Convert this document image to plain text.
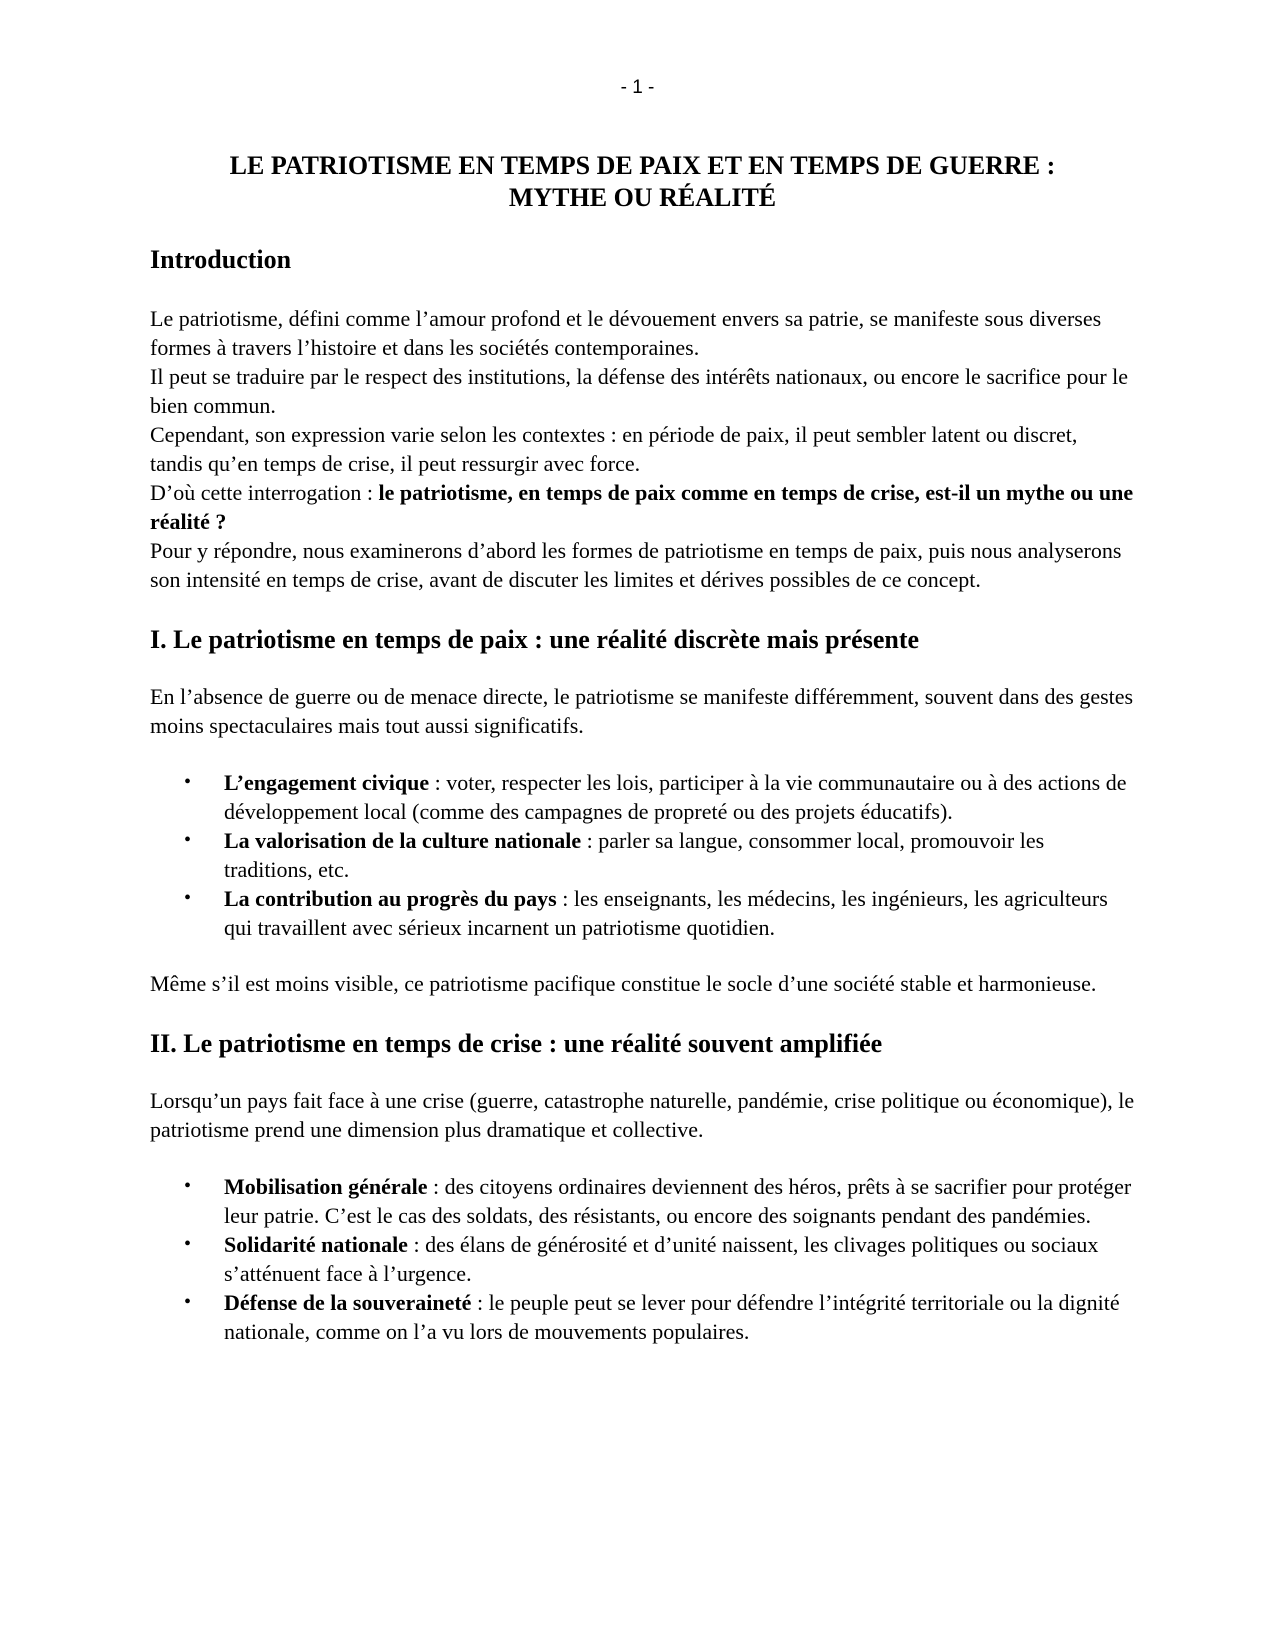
- 1 -
LE PATRIOTISME EN TEMPS DE PAIX ET EN TEMPS DE GUERRE :
MYTHE OU RÉALITÉ
Introduction

Le patriotisme, défini comme l’amour profond et le dévouement envers sa patrie, se manifeste sous diverses formes à travers l’histoire et dans les sociétés contemporaines.

Il peut se traduire par le respect des institutions, la défense des intérêts nationaux, ou encore le sacrifice pour le bien commun.

Cependant, son expression varie selon les contextes : en période de paix, il peut sembler latent ou discret, tandis qu’en temps de crise, il peut ressurgir avec force.

D’où cette interrogation : le patriotisme, en temps de paix comme en temps de crise, est-il un mythe ou une réalité ?

Pour y répondre, nous examinerons d’abord les formes de patriotisme en temps de paix, puis nous analyserons son intensité en temps de crise, avant de discuter les limites et dérives possibles de ce concept.

I. Le patriotisme en temps de paix : une réalité discrète mais présente

En l’absence de guerre ou de menace directe, le patriotisme se manifeste différemment, souvent dans des gestes moins spectaculaires mais tout aussi significatifs.

• L’engagement civique : voter, respecter les lois, participer à la vie communautaire ou à des actions de développement local (comme des campagnes de propreté ou des projets éducatifs).
• La valorisation de la culture nationale : parler sa langue, consommer local, promouvoir les traditions, etc.
• La contribution au progrès du pays : les enseignants, les médecins, les ingénieurs, les agriculteurs qui travaillent avec sérieux incarnent un patriotisme quotidien.

Même s’il est moins visible, ce patriotisme pacifique constitue le socle d’une société stable et harmonieuse.

II. Le patriotisme en temps de crise : une réalité souvent amplifiée

Lorsqu’un pays fait face à une crise (guerre, catastrophe naturelle, pandémie, crise politique ou économique), le patriotisme prend une dimension plus dramatique et collective.

• Mobilisation générale : des citoyens ordinaires deviennent des héros, prêts à se sacrifier pour protéger leur patrie. C’est le cas des soldats, des résistants, ou encore des soignants pendant des pandémies.
• Solidarité nationale : des élans de générosité et d’unité naissent, les clivages politiques ou sociaux s’atténuent face à l’urgence.
• Défense de la souveraineté : le peuple peut se lever pour défendre l’intégrité territoriale ou la dignité nationale, comme on l’a vu lors de mouvements populaires.
